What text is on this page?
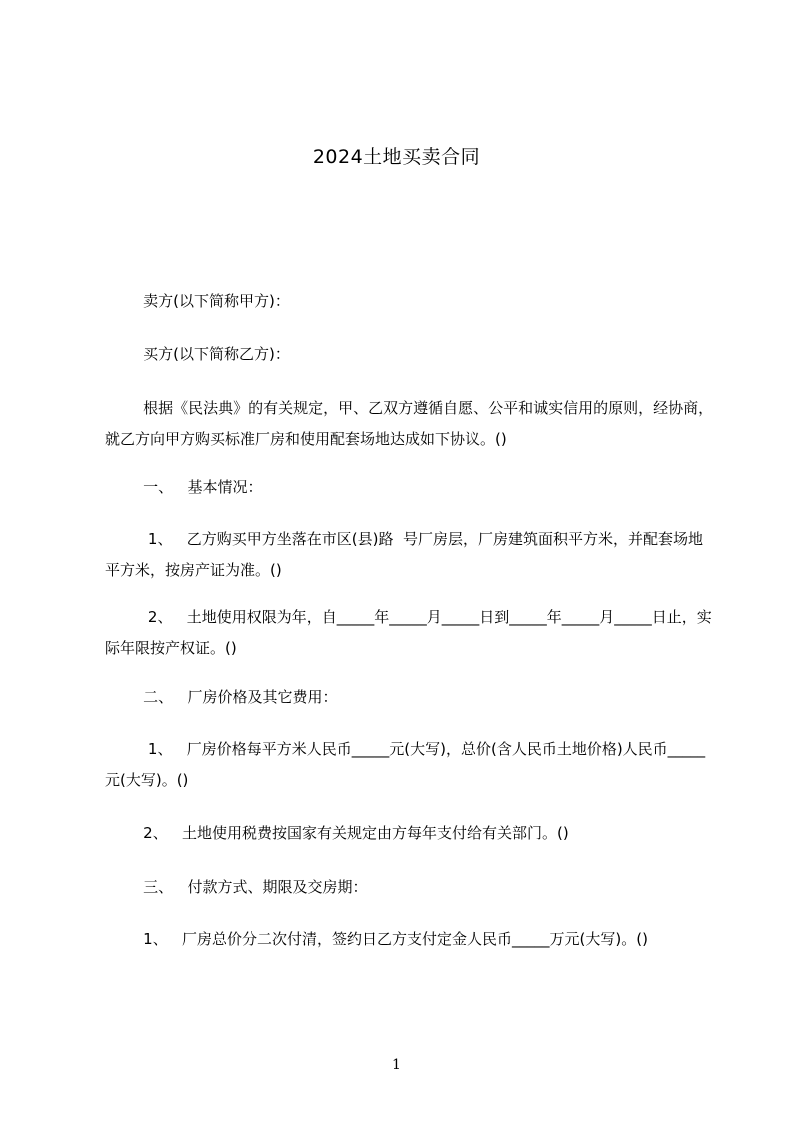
2024土地买卖合同
卖方(以下简称甲方)：
买方(以下简称乙方)：
根据《民法典》的有关规定，甲、乙双方遵循自愿、公平和诚实信用的原则，经协商，就乙方向甲方购买标准厂房和使用配套场地达成如下协议。()
一、   基本情况：
1、   乙方购买甲方坐落在市区(县)路  号厂房层，厂房建筑面积平方米，并配套场地平方米，按房产证为准。()
2、   土地使用权限为年，自_____年_____月_____日到_____年_____月_____日止，实际年限按产权证。()
二、   厂房价格及其它费用：
1、   厂房价格每平方米人民币_____元(大写)，总价(含人民币土地价格)人民币_____元(大写)。()
2、   土地使用税费按国家有关规定由方每年支付给有关部门。()
三、   付款方式、期限及交房期：
1、   厂房总价分二次付清，签约日乙方支付定金人民币_____万元(大写)。()
1
